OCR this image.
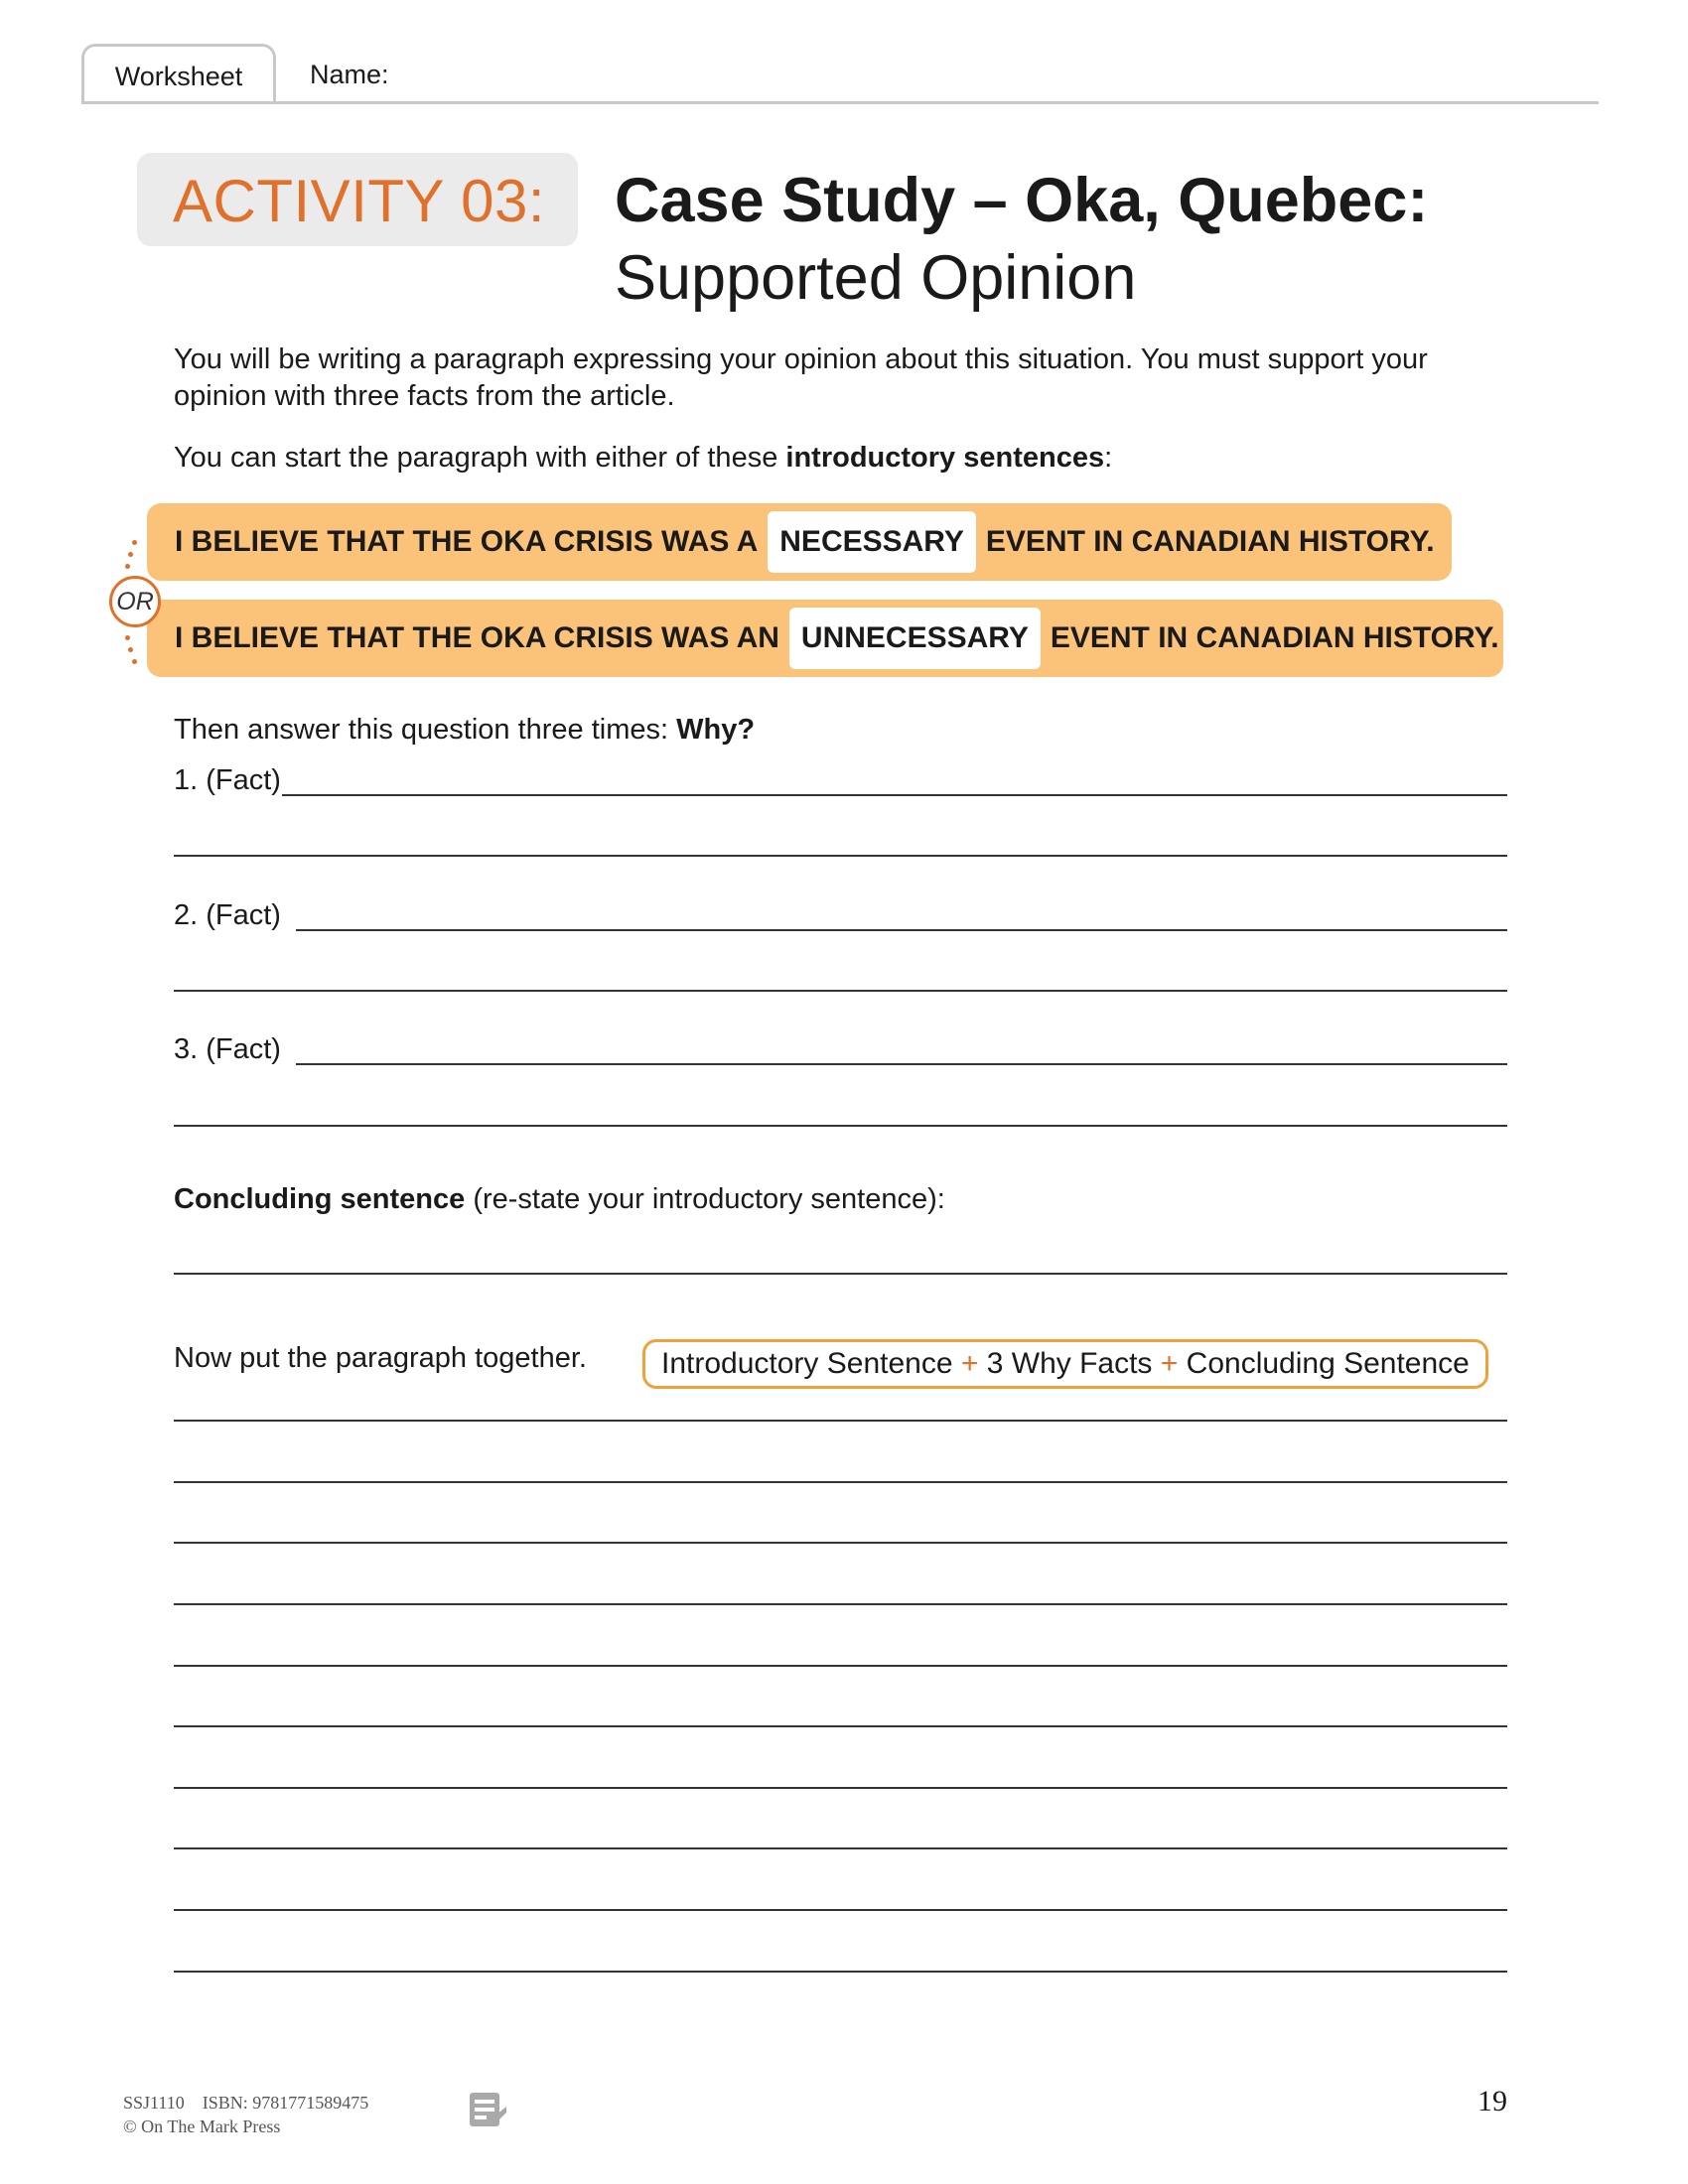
Worksheet	Name:
ACTIVITY 03: Case Study – Oka, Quebec:
Supported Opinion
You will be writing a paragraph expressing your opinion about this situation. You must support your opinion with three facts from the article.
You can start the paragraph with either of these introductory sentences:
I BELIEVE THAT THE OKA CRISIS WAS A NECESSARY EVENT IN CANADIAN HISTORY.
I BELIEVE THAT THE OKA CRISIS WAS AN UNNECESSARY EVENT IN CANADIAN HISTORY.
OR
Then answer this question three times: Why?
1. (Fact)
2. (Fact)
3. (Fact)
Concluding sentence (re-state your introductory sentence):
Now put the paragraph together.	Introductory Sentence + 3 Why Facts + Concluding Sentence
SSJ1110 ISBN: 9781771589475
© On The Mark Press
19
